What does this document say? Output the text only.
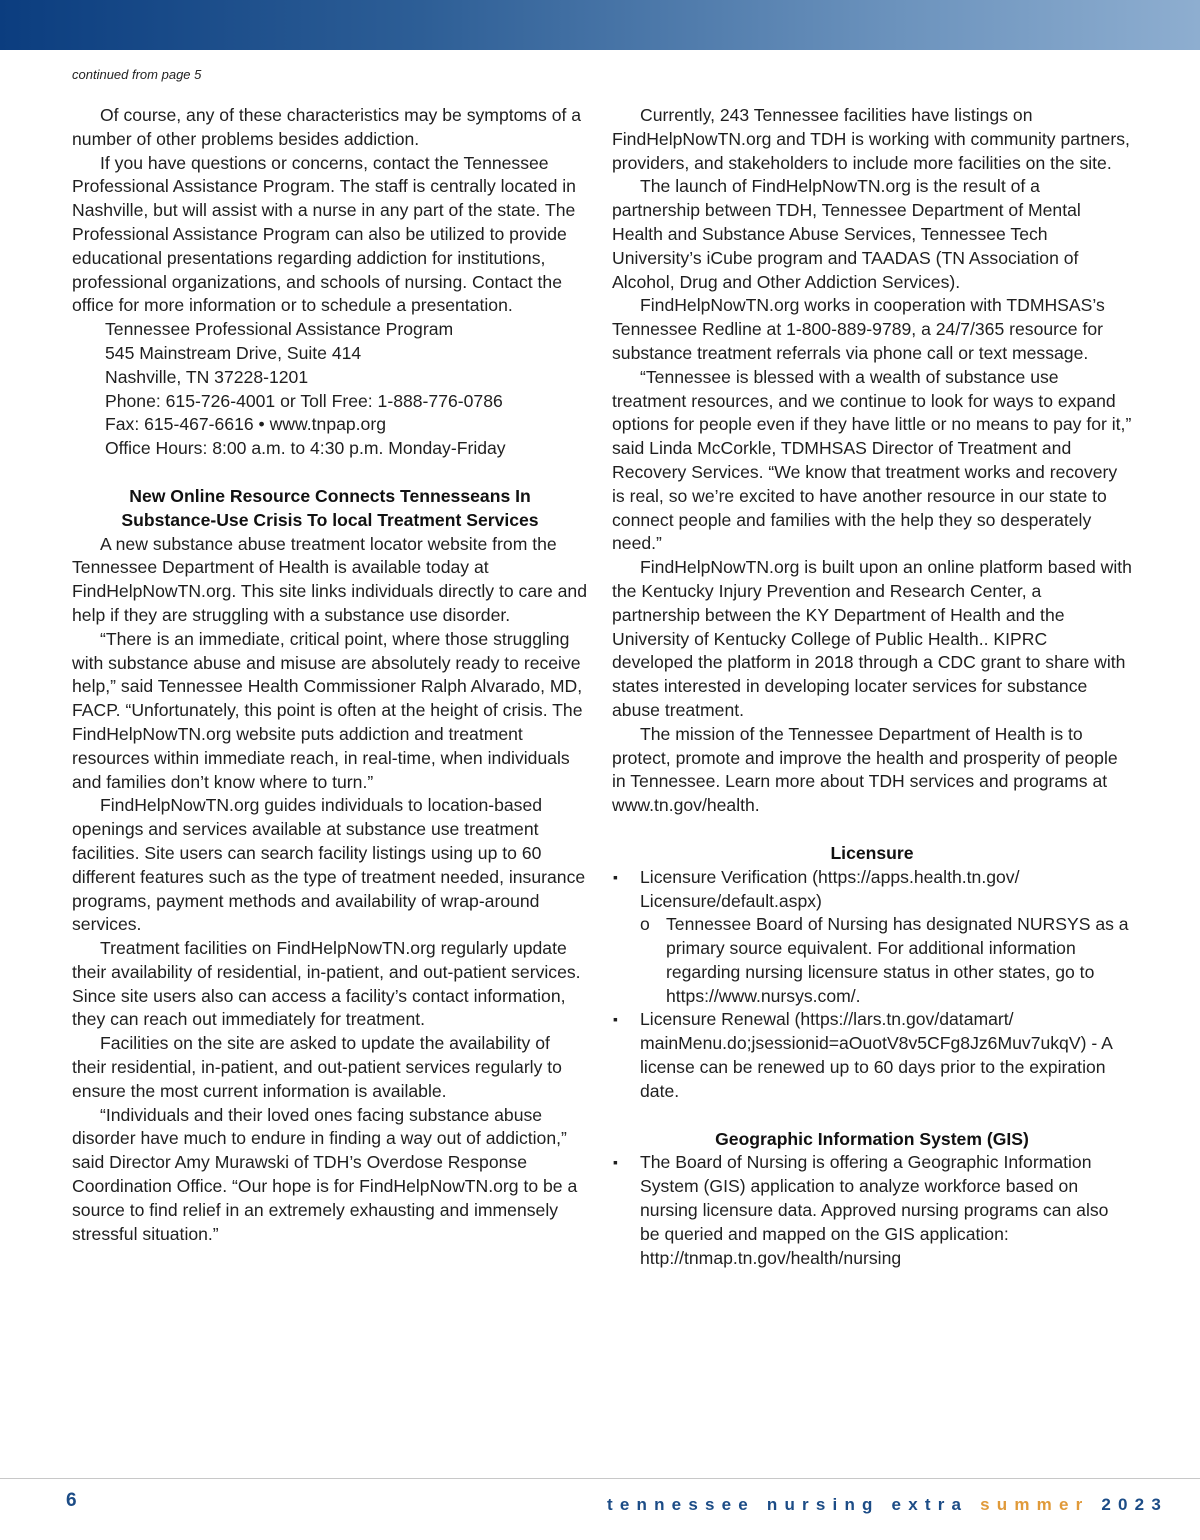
continued from page 5

Of course, any of these characteristics may be symptoms of a number of other problems besides addiction.

If you have questions or concerns, contact the Tennessee Professional Assistance Program. The staff is centrally located in Nashville, but will assist with a nurse in any part of the state. The Professional Assistance Program can also be utilized to provide educational presentations regarding addiction for institutions, professional organizations, and schools of nursing. Contact the office for more information or to schedule a presentation.

Tennessee Professional Assistance Program
545 Mainstream Drive, Suite 414
Nashville, TN 37228-1201
Phone: 615-726-4001 or Toll Free: 1-888-776-0786
Fax: 615-467-6616 • www.tnpap.org
Office Hours: 8:00 a.m. to 4:30 p.m. Monday-Friday
New Online Resource Connects Tennesseans In
Substance-Use Crisis To local Treatment Services

A new substance abuse treatment locator website from the Tennessee Department of Health is available today at FindHelpNowTN.org. This site links individuals directly to care and help if they are struggling with a substance use disorder.

“There is an immediate, critical point, where those struggling with substance abuse and misuse are absolutely ready to receive help,” said Tennessee Health Commissioner Ralph Alvarado, MD, FACP. “Unfortunately, this point is often at the height of crisis. The FindHelpNowTN.org website puts addiction and treatment resources within immediate reach, in real-time, when individuals and families don’t know where to turn.”

FindHelpNowTN.org guides individuals to location-based openings and services available at substance use treatment facilities. Site users can search facility listings using up to 60 different features such as the type of treatment needed, insurance programs, payment methods and availability of wrap-around services.

Treatment facilities on FindHelpNowTN.org regularly update their availability of residential, in-patient, and out-patient services. Since site users also can access a facility’s contact information, they can reach out immediately for treatment.

Facilities on the site are asked to update the availability of their residential, in-patient, and out-patient services regularly to ensure the most current information is available.

“Individuals and their loved ones facing substance abuse disorder have much to endure in finding a way out of addiction,” said Director Amy Murawski of TDH’s Overdose Response Coordination Office. “Our hope is for FindHelpNowTN.org to be a source to find relief in an extremely exhausting and immensely stressful situation.”

Currently, 243 Tennessee facilities have listings on FindHelpNowTN.org and TDH is working with community partners, providers, and stakeholders to include more facilities on the site.

The launch of FindHelpNowTN.org is the result of a partnership between TDH, Tennessee Department of Mental Health and Substance Abuse Services, Tennessee Tech University’s iCube program and TAADAS (TN Association of Alcohol, Drug and Other Addiction Services).

FindHelpNowTN.org works in cooperation with TDMHSAS’s Tennessee Redline at 1-800-889-9789, a 24/7/365 resource for substance treatment referrals via phone call or text message.

“Tennessee is blessed with a wealth of substance use treatment resources, and we continue to look for ways to expand options for people even if they have little or no means to pay for it,” said Linda McCorkle, TDMHSAS Director of Treatment and Recovery Services. “We know that treatment works and recovery is real, so we’re excited to have another resource in our state to connect people and families with the help they so desperately need.”

FindHelpNowTN.org is built upon an online platform based with the Kentucky Injury Prevention and Research Center, a partnership between the KY Department of Health and the University of Kentucky College of Public Health.. KIPRC developed the platform in 2018 through a CDC grant to share with states interested in developing locater services for substance abuse treatment.

The mission of the Tennessee Department of Health is to protect, promote and improve the health and prosperity of people in Tennessee. Learn more about TDH services and programs at www.tn.gov/health.

Licensure
▪ Licensure Verification (https://apps.health.tn.gov/ Licensure/default.aspx)
o Tennessee Board of Nursing has designated NURSYS as a primary source equivalent. For additional information regarding nursing licensure status in other states, go to https://www.nursys.com/.
▪ Licensure Renewal (https://lars.tn.gov/datamart/ mainMenu.do;jsessionid=aOuotV8v5CFg8Jz6Muv7ukqV) - A license can be renewed up to 60 days prior to the expiration date.
Geographic Information System (GIS)
▪ The Board of Nursing is offering a Geographic Information System (GIS) application to analyze workforce based on nursing licensure data. Approved nursing programs can also be queried and mapped on the GIS application: http://tnmap.tn.gov/health/nursing
6	tennessee nursing extra summer 2023
